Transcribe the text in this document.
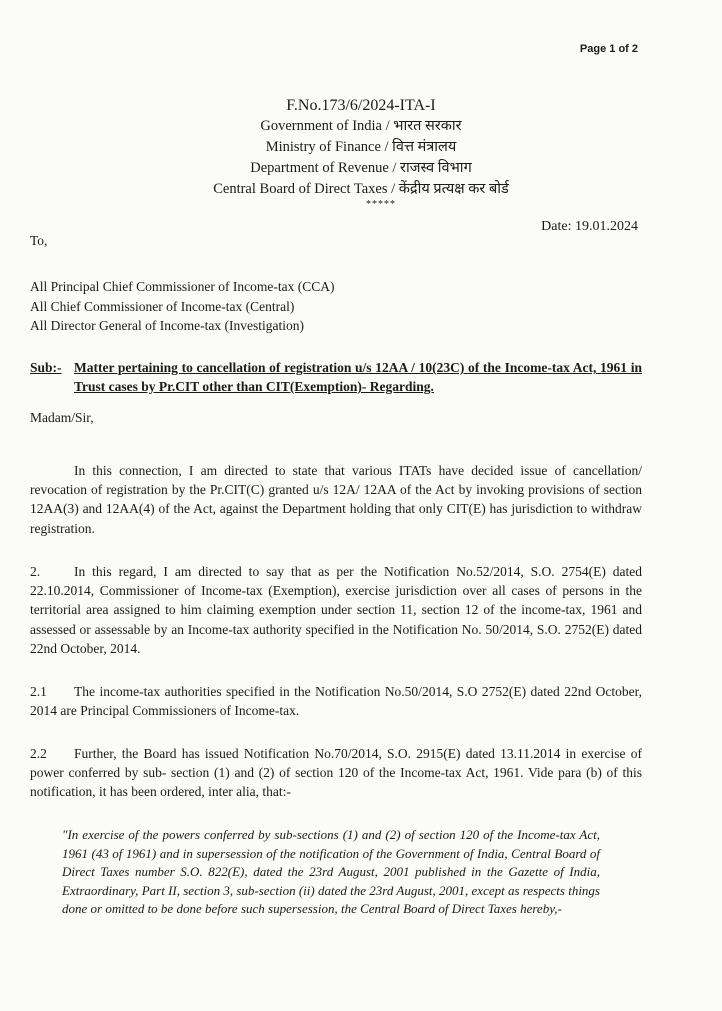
Page 1 of 2
F.No.173/6/2024-ITA-I
Government of India / भारत सरकार
Ministry of Finance / वित्त मंत्रालय
Department of Revenue / राजस्व विभाग
Central Board of Direct Taxes / केंद्रीय प्रत्यक्ष कर बोर्ड
*****
Date: 19.01.2024
To,
All Principal Chief Commissioner of Income-tax (CCA)
All Chief Commissioner of Income-tax (Central)
All Director General of Income-tax (Investigation)
Sub:- Matter pertaining to cancellation of registration u/s 12AA / 10(23C) of the Income-tax Act, 1961 in Trust cases by Pr.CIT other than CIT(Exemption)- Regarding.
Madam/Sir,
In this connection, I am directed to state that various ITATs have decided issue of cancellation/ revocation of registration by the Pr.CIT(C) granted u/s 12A/ 12AA of the Act by invoking provisions of section 12AA(3) and 12AA(4) of the Act, against the Department holding that only CIT(E) has jurisdiction to withdraw registration.
2.	In this regard, I am directed to say that as per the Notification No.52/2014, S.O. 2754(E) dated 22.10.2014, Commissioner of Income-tax (Exemption), exercise jurisdiction over all cases of persons in the territorial area assigned to him claiming exemption under section 11, section 12 of the income-tax, 1961 and assessed or assessable by an Income-tax authority specified in the Notification No. 50/2014, S.O. 2752(E) dated 22nd October, 2014.
2.1 The income-tax authorities specified in the Notification No.50/2014, S.O 2752(E) dated 22nd October, 2014 are Principal Commissioners of Income-tax.
2.2 Further, the Board has issued Notification No.70/2014, S.O. 2915(E) dated 13.11.2014 in exercise of power conferred by sub- section (1) and (2) of section 120 of the Income-tax Act, 1961. Vide para (b) of this notification, it has been ordered, inter alia, that:-
"In exercise of the powers conferred by sub-sections (1) and (2) of section 120 of the Income-tax Act, 1961 (43 of 1961) and in supersession of the notification of the Government of India, Central Board of Direct Taxes number S.O. 822(E), dated the 23rd August, 2001 published in the Gazette of India, Extraordinary, Part II, section 3, sub-section (ii) dated the 23rd August, 2001, except as respects things done or omitted to be done before such supersession, the Central Board of Direct Taxes hereby,-
